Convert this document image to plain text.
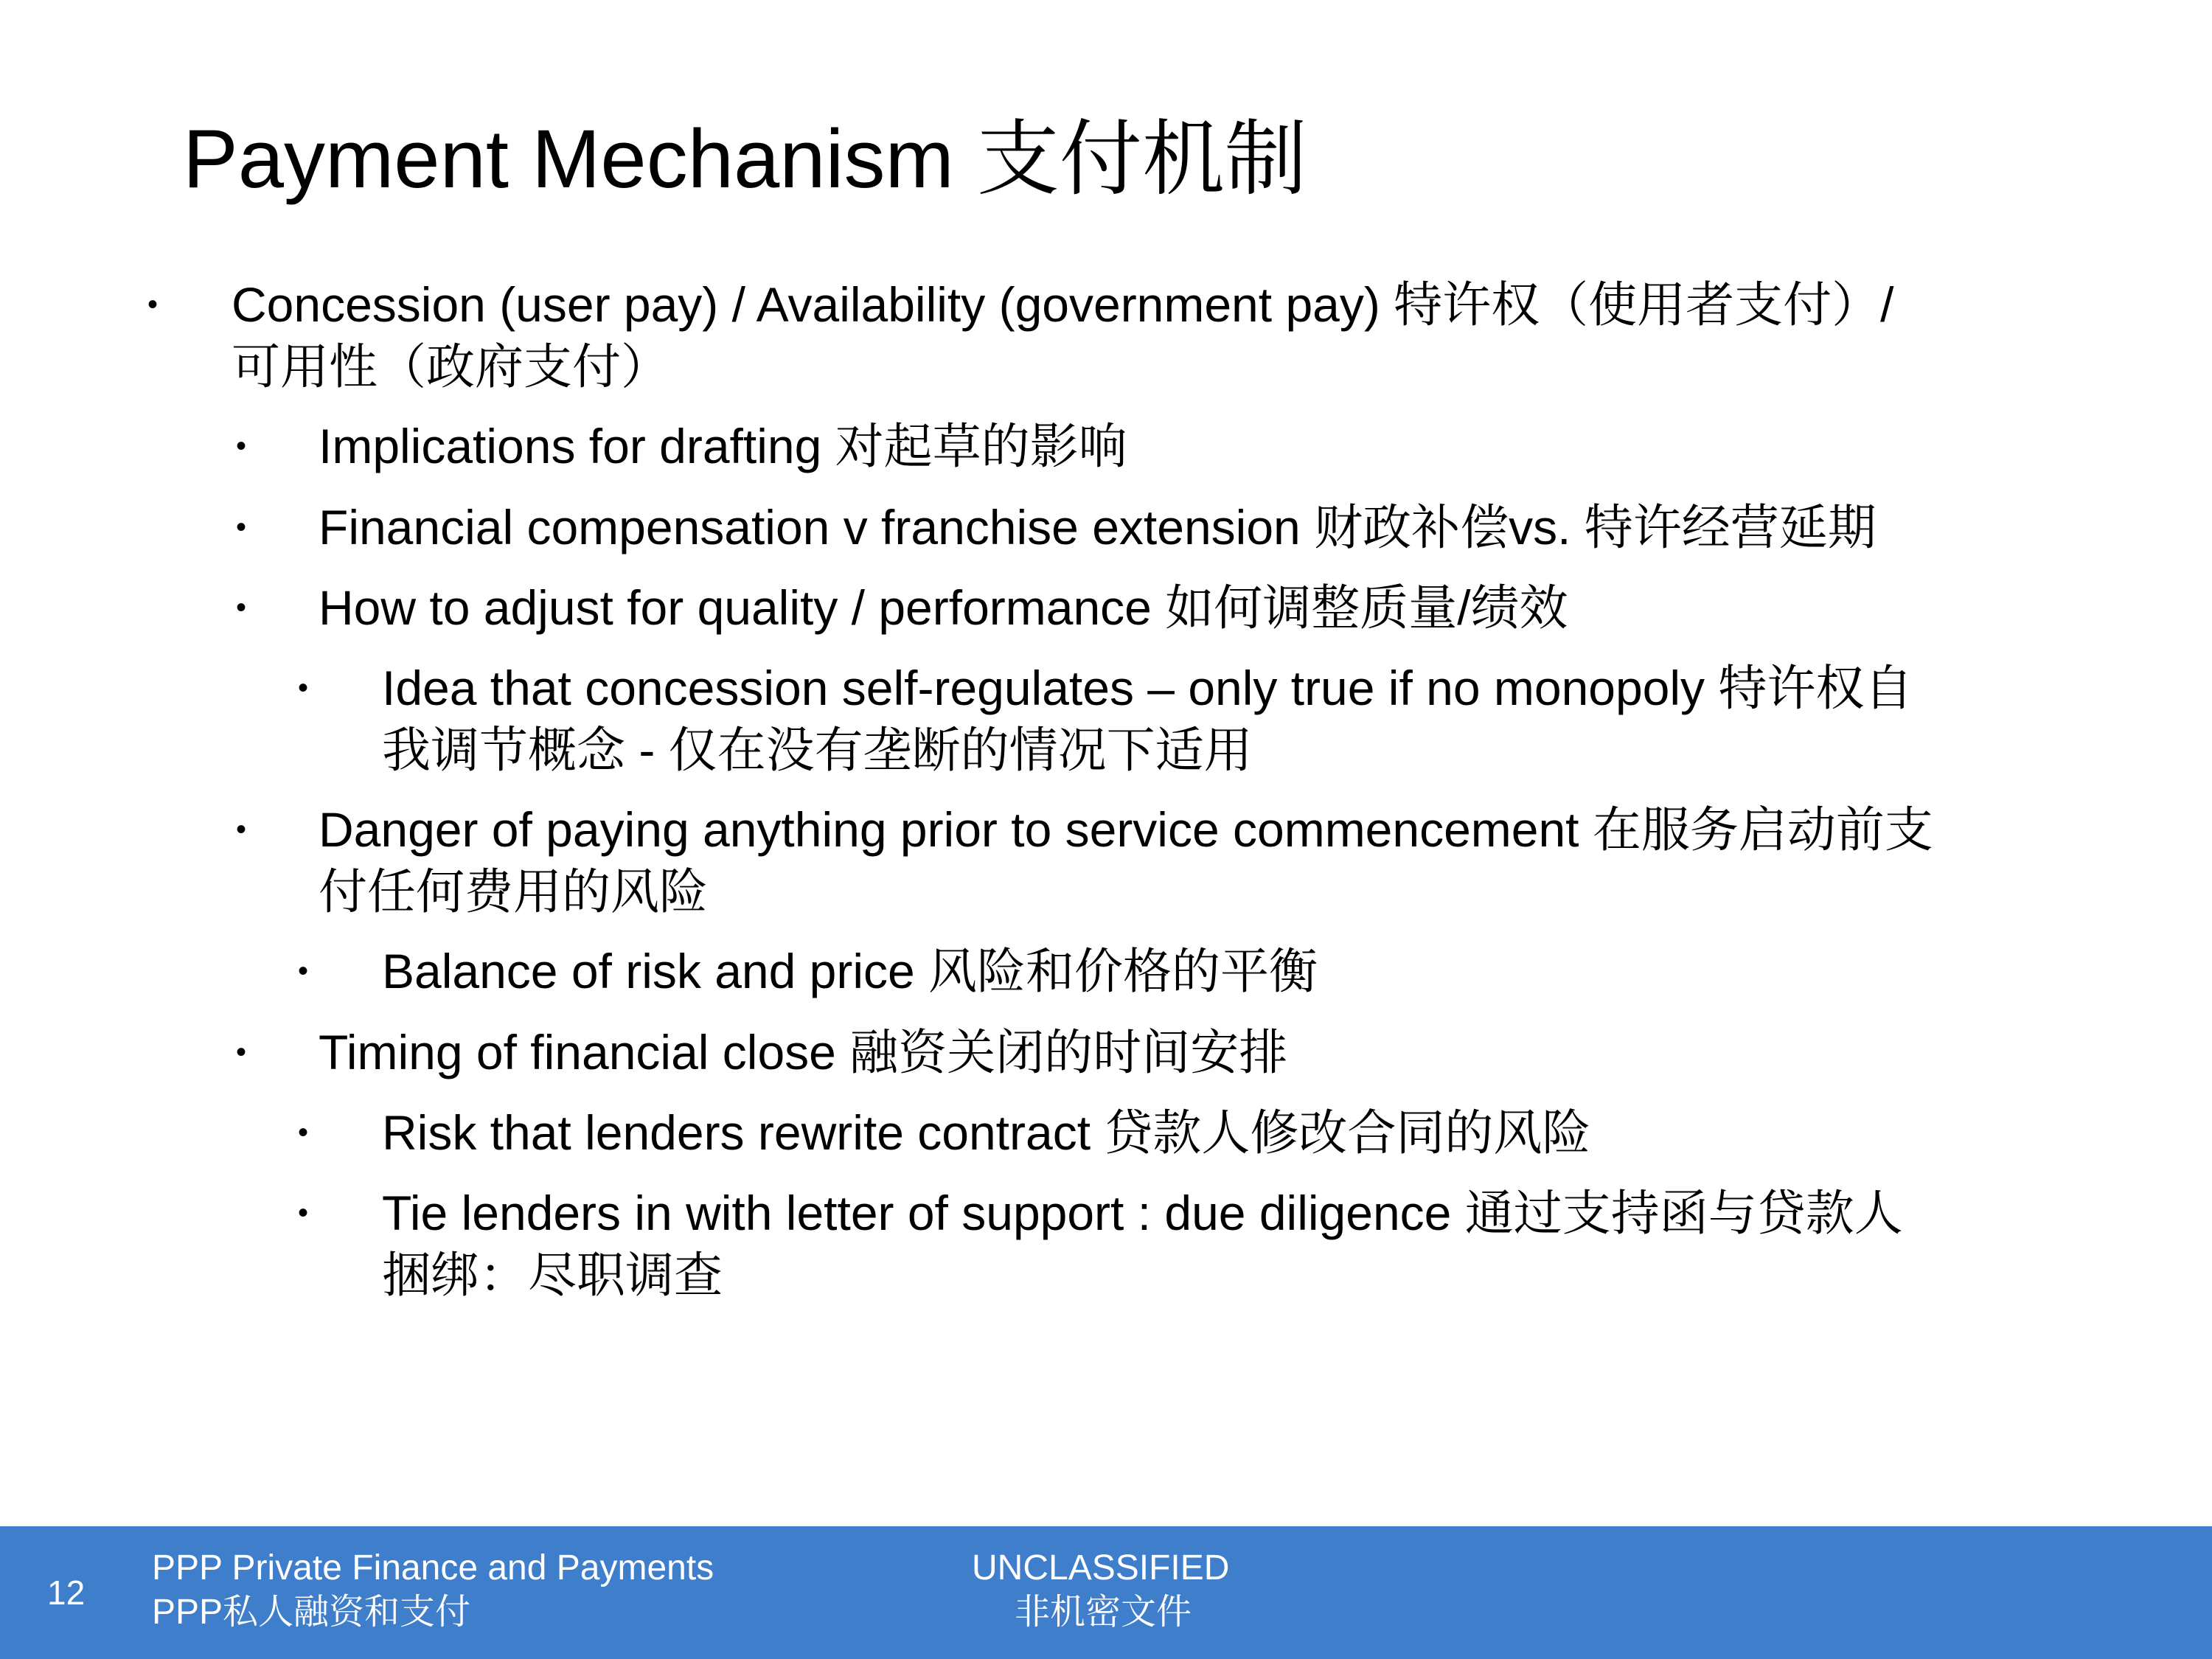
Payment Mechanism 支付机制
• Concession (user pay) / Availability (government pay) 特许权（使用者支付）/
可用性（政府支付）
• Implications for drafting 对起草的影响
• Financial compensation v franchise extension 财政补偿vs. 特许经营延期
• How to adjust for quality / performance 如何调整质量/绩效
• Idea that concession self-regulates – only true if no monopoly 特许权自
我调节概念 - 仅在没有垄断的情况下适用
• Danger of paying anything prior to service commencement 在服务启动前支
付任何费用的风险
• Balance of risk and price 风险和价格的平衡
• Timing of financial close 融资关闭的时间安排
• Risk that lenders rewrite contract 贷款人修改合同的风险
• Tie lenders in with letter of support : due diligence 通过支持函与贷款人
捆绑：尽职调查
12
PPP Private Finance and Payments
PPP私人融资和支付
UNCLASSIFIED
非机密文件
